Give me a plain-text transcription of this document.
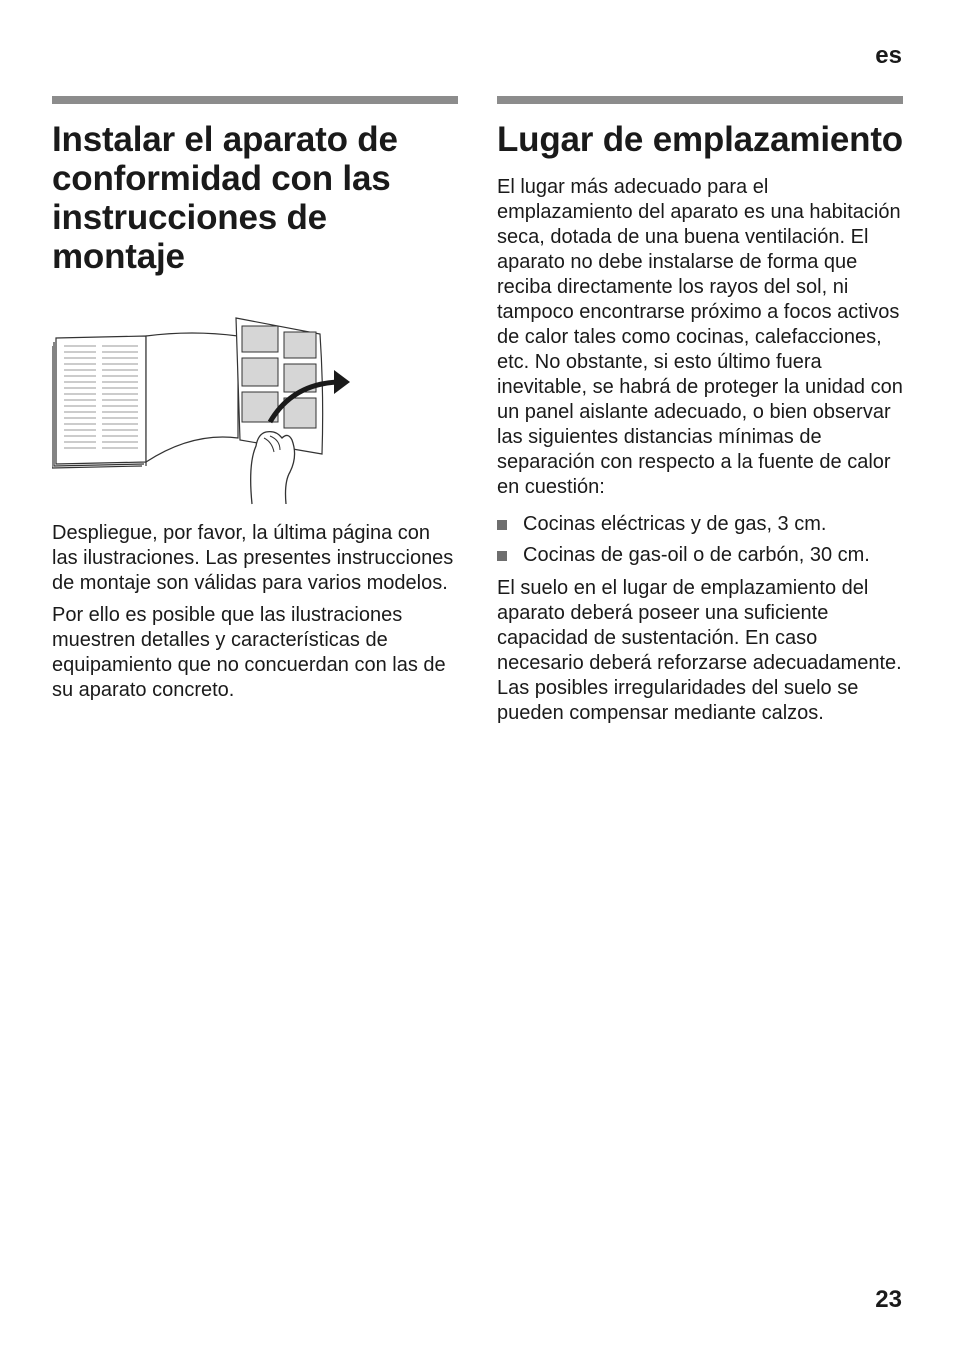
es
Instalar el aparato de conformidad con las instrucciones de montaje

Despliegue, por favor, la última página con las ilustraciones. Las presentes instrucciones de montaje son válidas para varios modelos.

Por ello es posible que las ilustraciones muestren detalles y características de equipamiento que no concuerdan con las de su aparato concreto.

Lugar de emplazamiento

El lugar más adecuado para el emplazamiento del aparato es una habitación seca, dotada de una buena ventilación. El aparato no debe instalarse de forma que reciba directamente los rayos del sol, ni tampoco encontrarse próximo a focos activos de calor tales como cocinas, calefacciones, etc. No obstante, si esto último fuera inevitable, se habrá de proteger la unidad con un panel aislante adecuado, o bien observar las siguientes distancias mínimas de separación con respecto a la fuente de calor en cuestión:

Cocinas eléctricas y de gas, 3 cm.
Cocinas de gas-oil o de carbón, 30 cm.

El suelo en el lugar de emplazamiento del aparato deberá poseer una suficiente capacidad de sustentación. En caso necesario deberá reforzarse adecuadamente. Las posibles irregularidades del suelo se pueden compensar mediante calzos.

23
